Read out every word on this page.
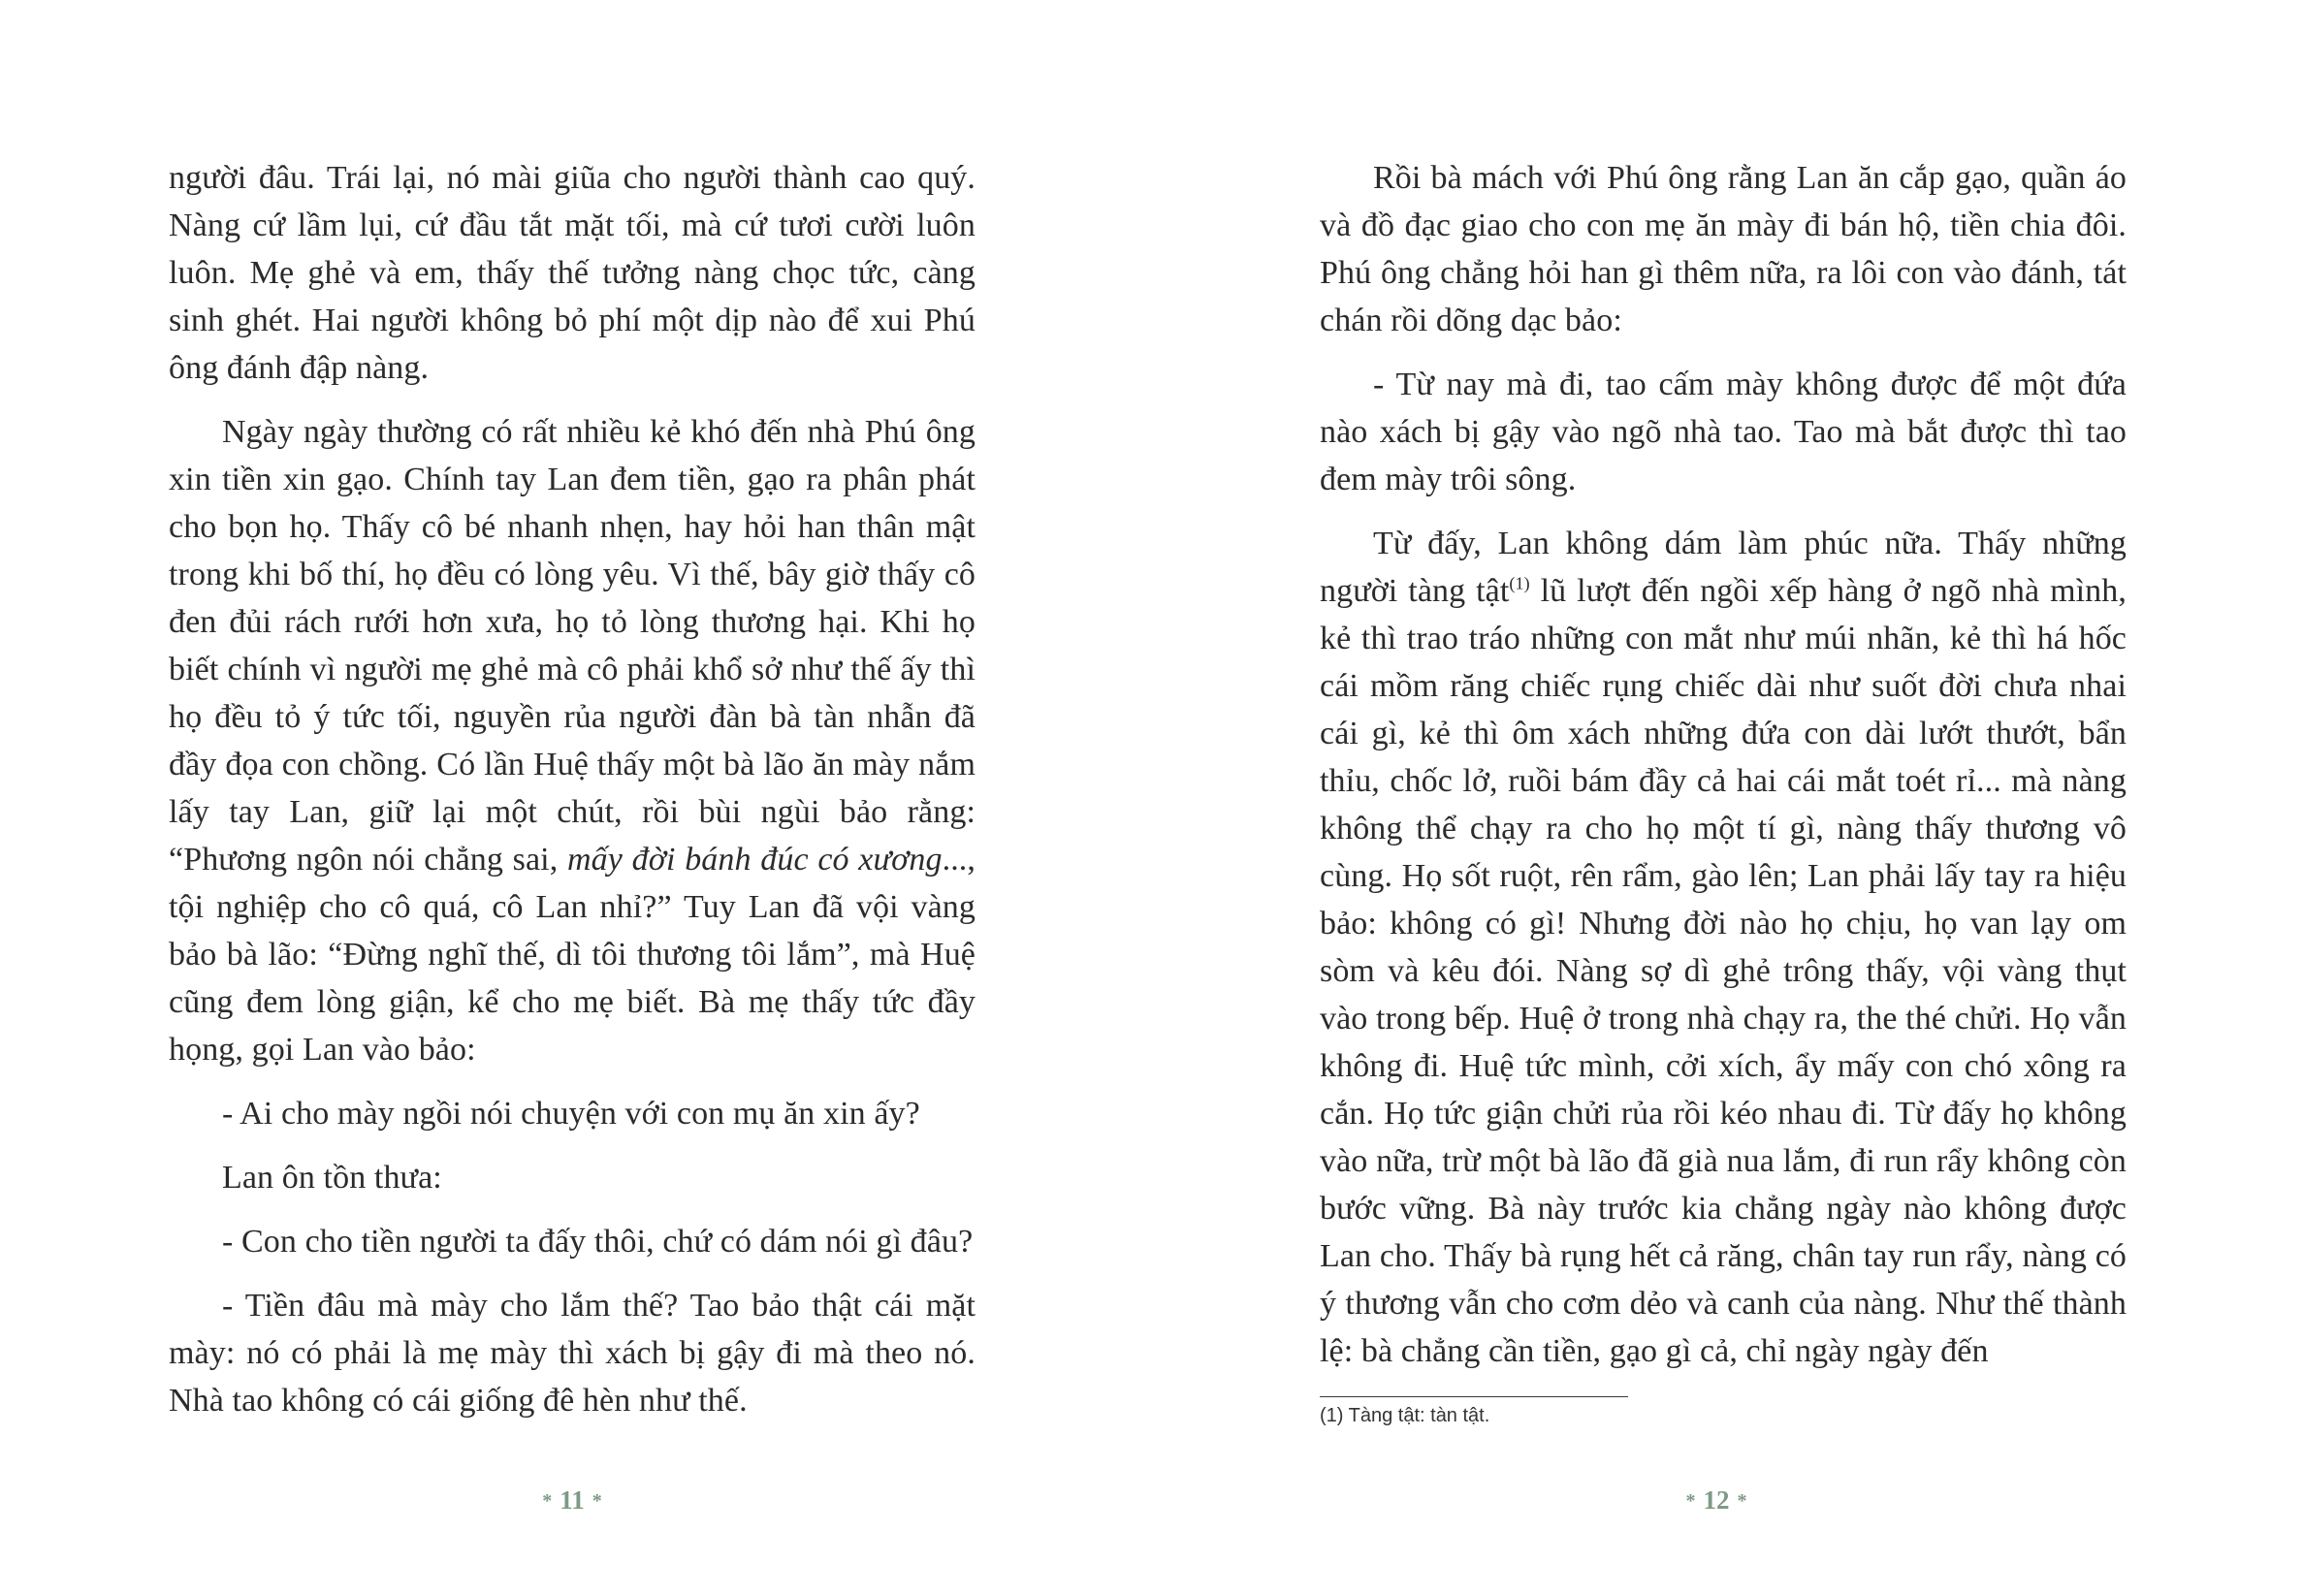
người đâu. Trái lại, nó mài giũa cho người thành cao quý. Nàng cứ lầm lụi, cứ đầu tắt mặt tối, mà cứ tươi cười luôn luôn. Mẹ ghẻ và em, thấy thế tưởng nàng chọc tức, càng sinh ghét. Hai người không bỏ phí một dịp nào để xui Phú ông đánh đập nàng.

Ngày ngày thường có rất nhiều kẻ khó đến nhà Phú ông xin tiền xin gạo. Chính tay Lan đem tiền, gạo ra phân phát cho bọn họ. Thấy cô bé nhanh nhẹn, hay hỏi han thân mật trong khi bố thí, họ đều có lòng yêu. Vì thế, bây giờ thấy cô đen đủi rách rưới hơn xưa, họ tỏ lòng thương hại. Khi họ biết chính vì người mẹ ghẻ mà cô phải khổ sở như thế ấy thì họ đều tỏ ý tức tối, nguyền rủa người đàn bà tàn nhẫn đã đầy đọa con chồng. Có lần Huệ thấy một bà lão ăn mày nắm lấy tay Lan, giữ lại một chút, rồi bùi ngùi bảo rằng: “Phương ngôn nói chẳng sai, mấy đời bánh đúc có xương..., tội nghiệp cho cô quá, cô Lan nhỉ?” Tuy Lan đã vội vàng bảo bà lão: “Đừng nghĩ thế, dì tôi thương tôi lắm”, mà Huệ cũng đem lòng giận, kể cho mẹ biết. Bà mẹ thấy tức đầy họng, gọi Lan vào bảo:

- Ai cho mày ngồi nói chuyện với con mụ ăn xin ấy?

Lan ôn tồn thưa:

- Con cho tiền người ta đấy thôi, chứ có dám nói gì đâu?

- Tiền đâu mà mày cho lắm thế? Tao bảo thật cái mặt mày: nó có phải là mẹ mày thì xách bị gậy đi mà theo nó. Nhà tao không có cái giống đê hèn như thế.

* 11 *

Rồi bà mách với Phú ông rằng Lan ăn cắp gạo, quần áo và đồ đạc giao cho con mẹ ăn mày đi bán hộ, tiền chia đôi. Phú ông chẳng hỏi han gì thêm nữa, ra lôi con vào đánh, tát chán rồi dõng dạc bảo:

- Từ nay mà đi, tao cấm mày không được để một đứa nào xách bị gậy vào ngõ nhà tao. Tao mà bắt được thì tao đem mày trôi sông.

Từ đấy, Lan không dám làm phúc nữa. Thấy những người tàng tật$^{(1)}$ lũ lượt đến ngồi xếp hàng ở ngõ nhà mình, kẻ thì trao tráo những con mắt như múi nhãn, kẻ thì há hốc cái mồm răng chiếc rụng chiếc dài như suốt đời chưa nhai cái gì, kẻ thì ôm xách những đứa con dài lướt thướt, bẩn thỉu, chốc lở, ruồi bám đầy cả hai cái mắt toét rỉ... mà nàng không thể chạy ra cho họ một tí gì, nàng thấy thương vô cùng. Họ sốt ruột, rên rẩm, gào lên; Lan phải lấy tay ra hiệu bảo: không có gì! Nhưng đời nào họ chịu, họ van lạy om sòm và kêu đói. Nàng sợ dì ghẻ trông thấy, vội vàng thụt vào trong bếp. Huệ ở trong nhà chạy ra, the thé chửi. Họ vẫn không đi. Huệ tức mình, cởi xích, ẩy mấy con chó xông ra cắn. Họ tức giận chửi rủa rồi kéo nhau đi. Từ đấy họ không vào nữa, trừ một bà lão đã già nua lắm, đi run rẩy không còn bước vững. Bà này trước kia chẳng ngày nào không được Lan cho. Thấy bà rụng hết cả răng, chân tay run rẩy, nàng có ý thương vẫn cho cơm dẻo và canh của nàng. Như thế thành lệ: bà chẳng cần tiền, gạo gì cả, chỉ ngày ngày đến

(1) Tàng tật: tàn tật.
* 12 *
